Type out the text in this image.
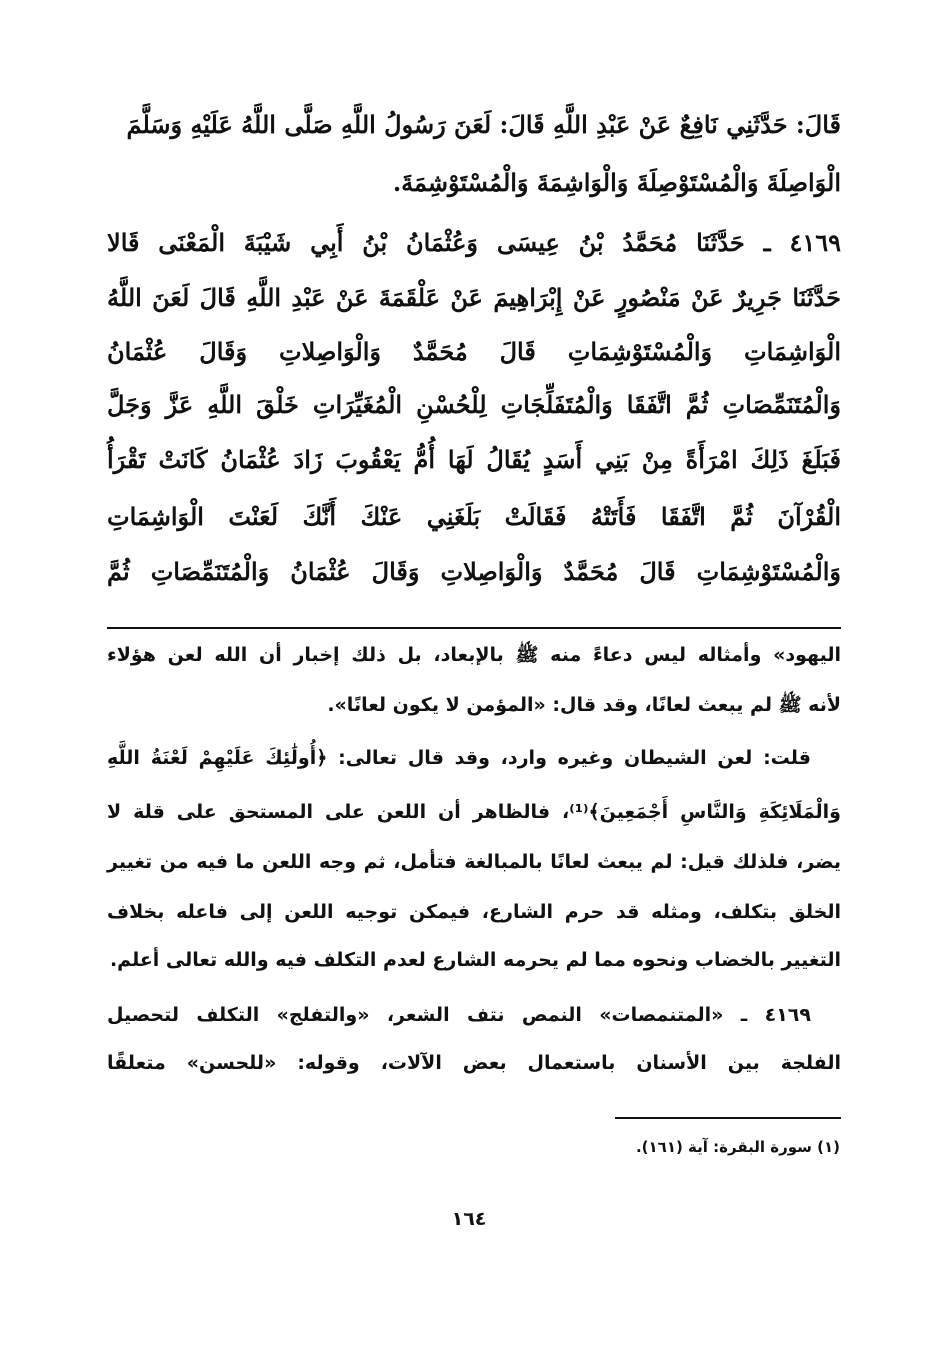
قَالَ: حَدَّثَنِي نَافِعٌ عَنْ عَبْدِ اللَّهِ قَالَ: لَعَنَ رَسُولُ اللَّهِ صَلَّى اللَّهُ عَلَيْهِ وَسَلَّمَ
الْوَاصِلَةَ وَالْمُسْتَوْصِلَةَ وَالْوَاشِمَةَ وَالْمُسْتَوْشِمَةَ.
٤١٦٩ ـ حَدَّثَنَا مُحَمَّدُ بْنُ عِيسَى وَعُثْمَانُ بْنُ أَبِي شَيْبَةَ الْمَعْنَى قَالا
حَدَّثَنَا جَرِيرٌ عَنْ مَنْصُورٍ عَنْ إِبْرَاهِيمَ عَنْ عَلْقَمَةَ عَنْ عَبْدِ اللَّهِ قَالَ لَعَنَ اللَّهُ
الْوَاشِمَاتِ وَالْمُسْتَوْشِمَاتِ قَالَ مُحَمَّدٌ وَالْوَاصِلاتِ وَقَالَ عُثْمَانُ
وَالْمُتَنَمِّصَاتِ ثُمَّ اتَّفَقَا وَالْمُتَفَلِّجَاتِ لِلْحُسْنِ الْمُغَيِّرَاتِ خَلْقَ اللَّهِ عَزَّ وَجَلَّ
فَبَلَغَ ذَلِكَ امْرَأَةً مِنْ بَنِي أَسَدٍ يُقَالُ لَهَا أُمُّ يَعْقُوبَ زَادَ عُثْمَانُ كَانَتْ تَقْرَأُ
الْقُرْآنَ ثُمَّ اتَّفَقَا فَأَتَتْهُ فَقَالَتْ بَلَغَنِي عَنْكَ أَنَّكَ لَعَنْتَ الْوَاشِمَاتِ
وَالْمُسْتَوْشِمَاتِ قَالَ مُحَمَّدٌ وَالْوَاصِلاتِ وَقَالَ عُثْمَانُ وَالْمُتَنَمِّصَاتِ ثُمَّ
اليهود» وأمثاله ليس دعاءً منه ﷺ بالإبعاد، بل ذلك إخبار أن الله لعن هؤلاء
لأنه ﷺ لم يبعث لعانًا، وقد قال: «المؤمن لا يكون لعانًا».
قلت: لعن الشيطان وغيره وارد، وقد قال تعالى: ﴿أُولَٰئِكَ عَلَيْهِمْ لَعْنَةُ اللَّهِ
وَالْمَلَائِكَةِ وَالنَّاسِ أَجْمَعِينَ﴾⁽¹⁾، فالظاهر أن اللعن على المستحق على قلة لا
يضر، فلذلك قيل: لم يبعث لعانًا بالمبالغة فتأمل، ثم وجه اللعن ما فيه من تغيير
الخلق بتكلف، ومثله قد حرم الشارع، فيمكن توجيه اللعن إلى فاعله بخلاف
التغيير بالخضاب ونحوه مما لم يحرمه الشارع لعدم التكلف فيه والله تعالى أعلم.
٤١٦٩ ـ «المتنمصات» النمص نتف الشعر، «والتفلج» التكلف لتحصيل
الفلجة بين الأسنان باستعمال بعض الآلات، وقوله: «للحسن» متعلقًا
(١) سورة البقرة: آية (١٦١).
١٦٤
